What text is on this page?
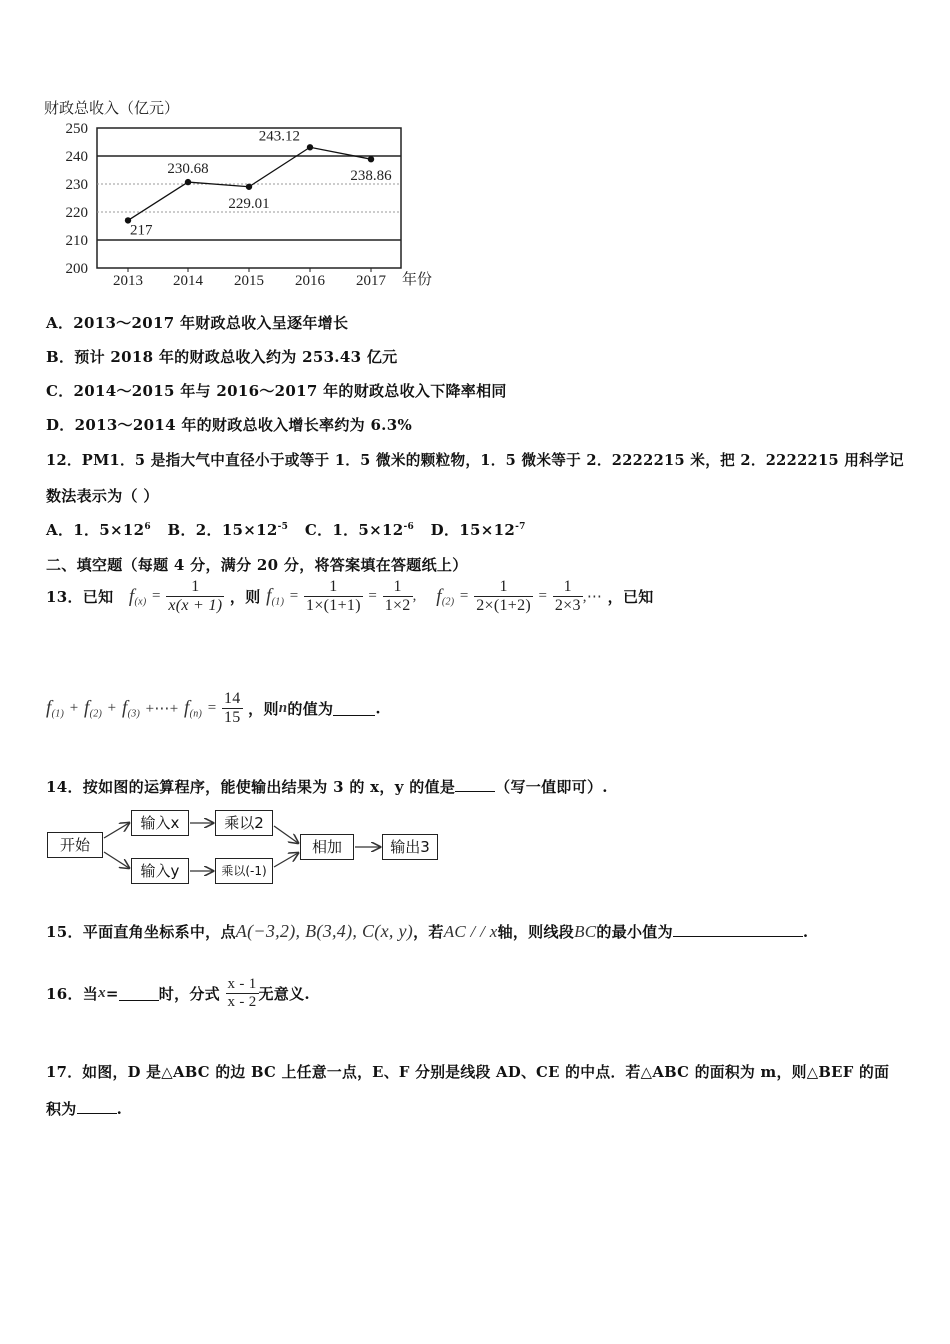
财政总收入（亿元）
200
210
220
230
240
250
2013 2014 2015 2016 2017
217
230.68
229.01
243.12
238.86
年份
A．2013～2017 年财政总收入呈逐年增长
B．预计 2018 年的财政总收入约为 253.43 亿元
C．2014～2015 年与 2016～2017 年的财政总收入下降率相同
D．2013～2014 年的财政总收入增长率约为 6.3%
12．PM1．5 是指大气中直径小于或等于 1．5 微米的颗粒物，1．5 微米等于 2．2222215 米，把 2．2222215 用科学记
数法表示为（ ）
A．1．$5\times 12^6$ B．2．$15\times 12^{-5}$ C．1．$5\times 12^{-6}$ D．$15\times 12^{-7}$
二、填空题（每题 4 分，满分 20 分，将答案填在答题纸上）
13．已知 $f_{(x)} = \frac{1}{x(x + 1)}$ ，则 $f_{(1)} = \frac{1}{1\times(1+1)} = \frac{1}{1\times 2}$ , $f_{(2)} = \frac{1}{2\times(1+2)} = \frac{1}{2\times 3}$ ,⋯ ，已知
$f_{(1)} + f_{(2)} + f_{(3)}$ +⋯+ $f_{(n)} = \frac{14}{15}$ ，则n的值为	.
14．按如图的运算程序，能使输出结果为 3 的 x，y 的值是	（写一值即可）.
开始
输入x
输入y
乘以2
乘以(-1)
相加	输出3
15．平面直角坐标系中，点A(−3,2), B(3,4), C(x, y)，若AC / / x轴，则线段BC的最小值为	.
16．当x=	时，分式 $\frac{x - 1}{x - 2}$ 无意义.
17．如图，D 是△ABC 的边 BC 上任意一点，E、F 分别是线段 AD、CE 的中点．若△ABC 的面积为 m，则△BEF 的面
积为	.
